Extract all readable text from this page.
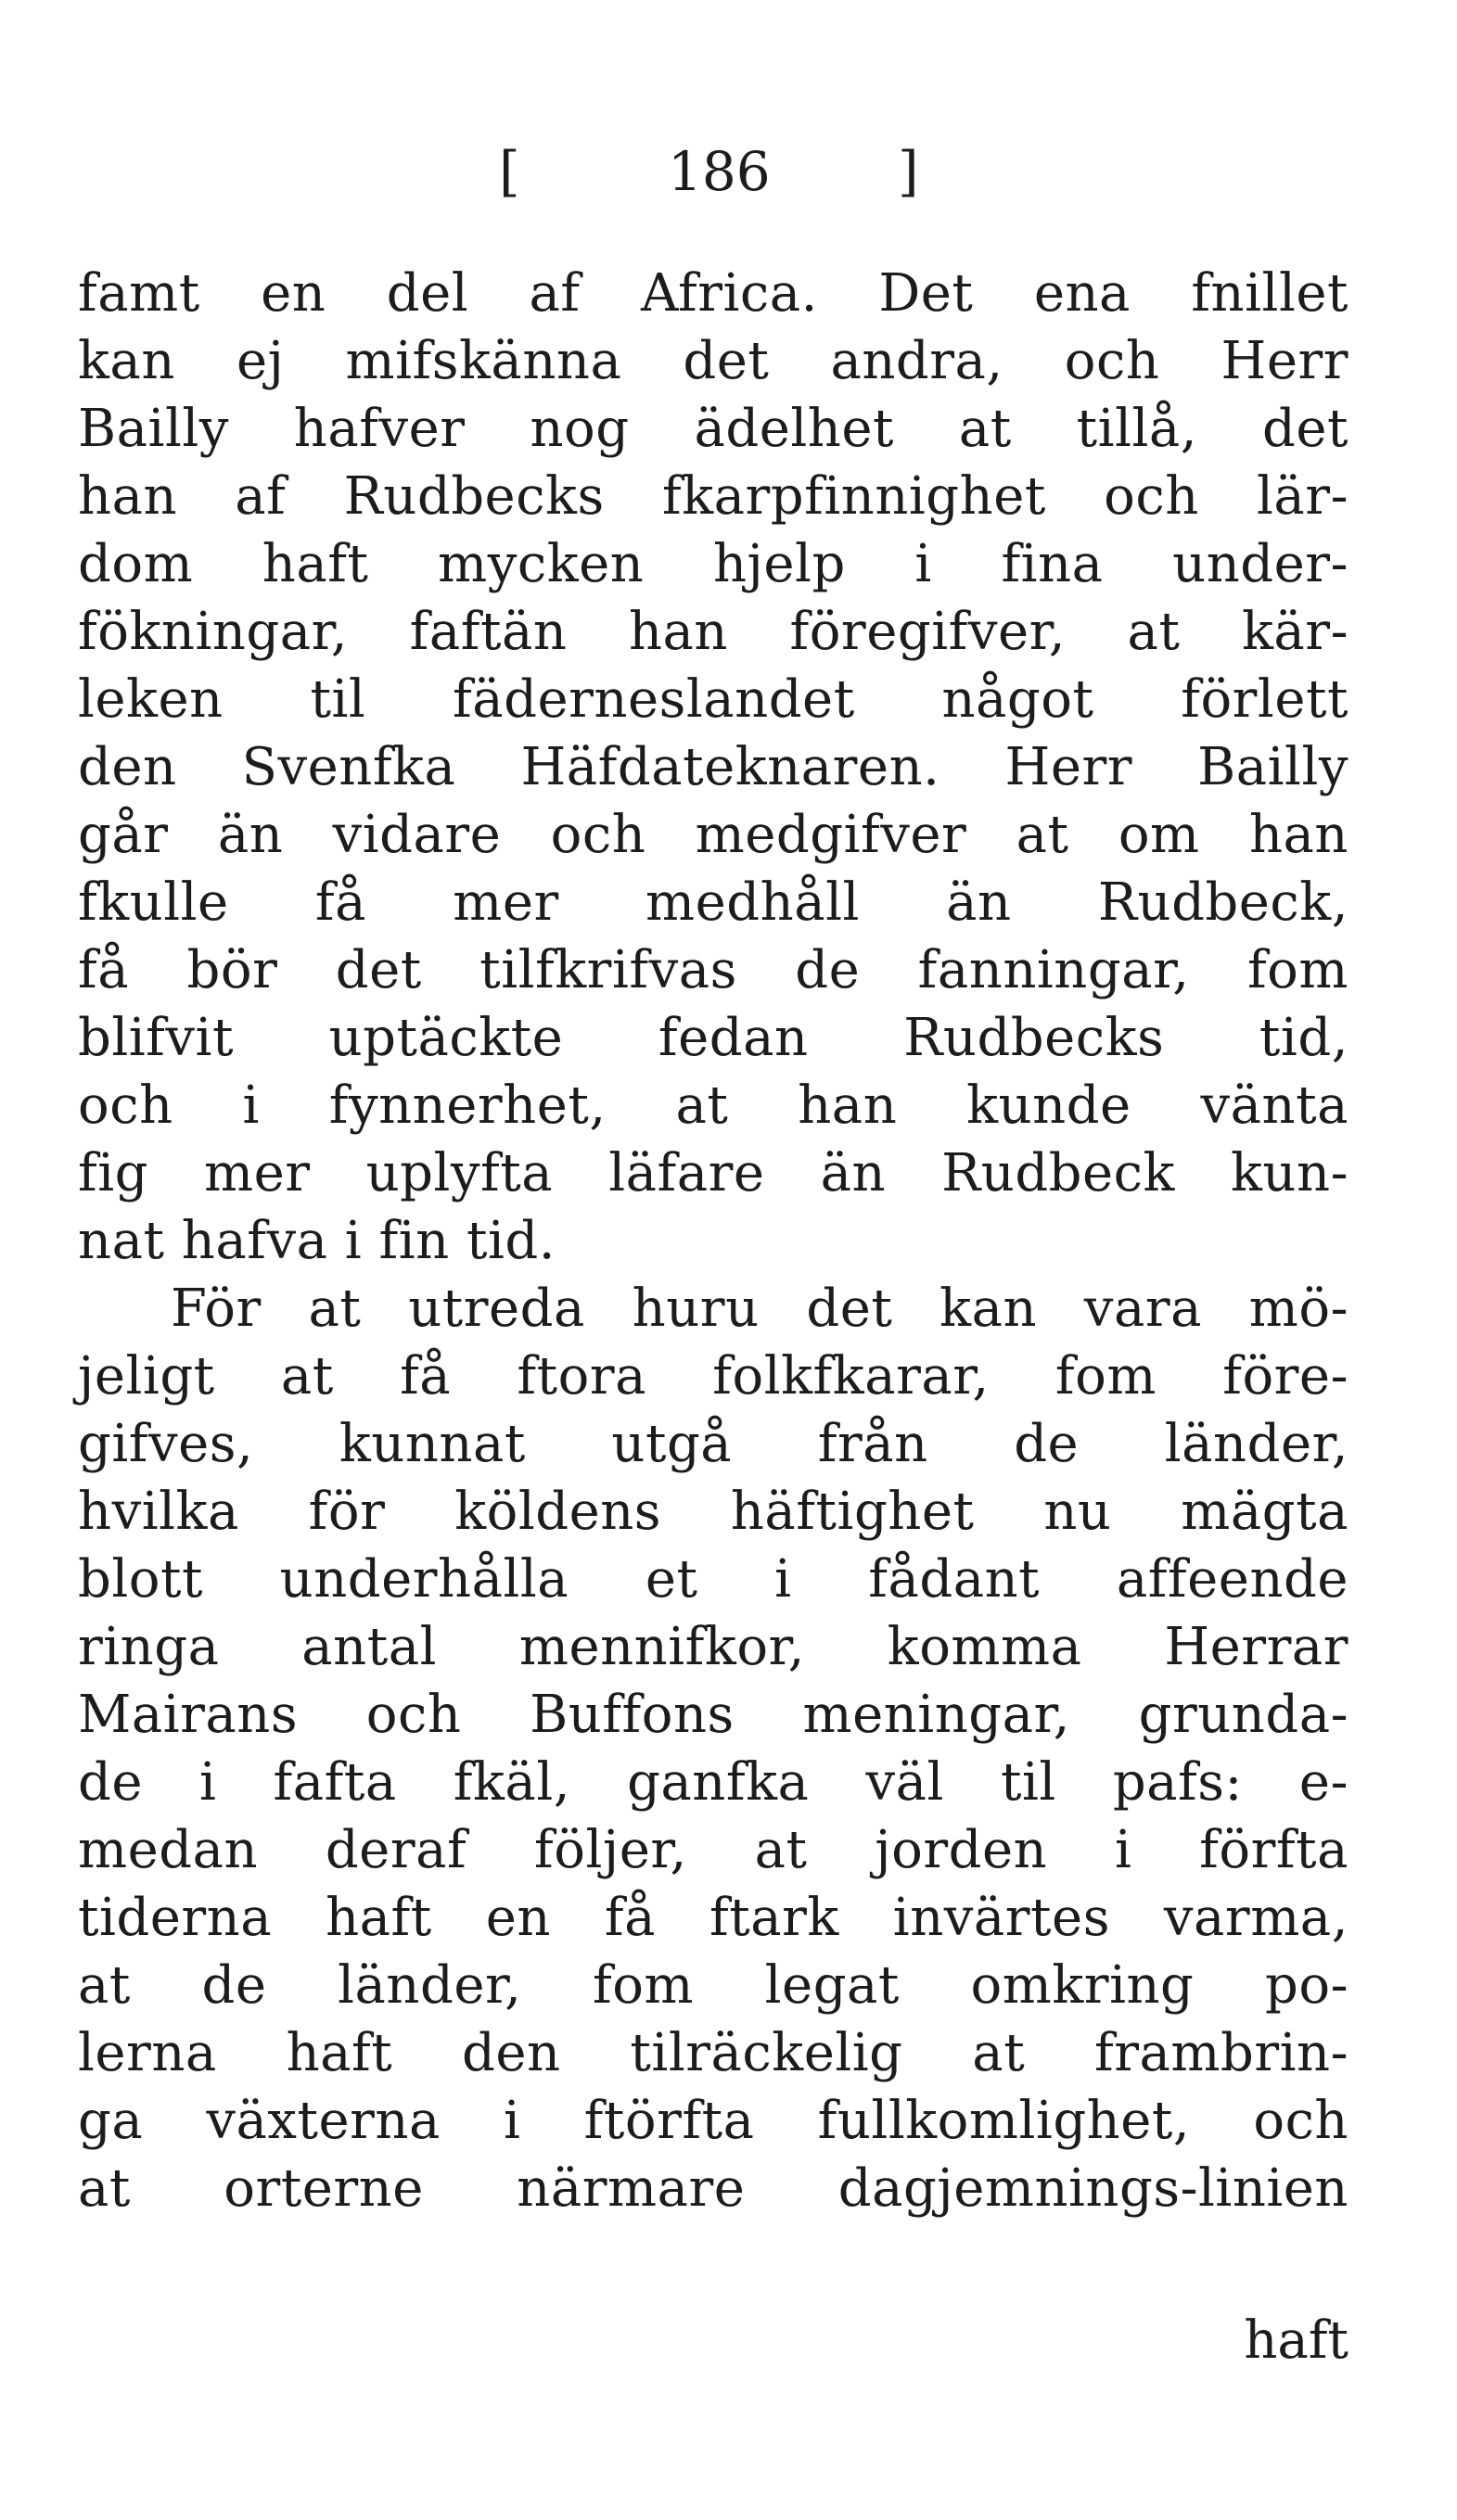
[	186 ]
famt en del af Africa. Det ena fnillet
kan ej mifskänna det andra, och Herr
Bailly hafver nog ädelhet at tillå, det
han af Rudbecks fkarpfinnighet och lär-
dom haft mycken hjelp i fina under-
fökningar, faftän han föregifver, at kär-
leken til fäderneslandet något förlett
den Svenfka Häfdateknaren. Herr Bailly
går än vidare och medgifver at om han
fkulle få mer medhåll än Rudbeck,
få bör det tilfkrifvas de fanningar, fom
blifvit uptäckte fedan Rudbecks tid,
och i fynnerhet, at han kunde vänta
fig mer uplyfta läfare än Rudbeck kun-
nat hafva i fin tid.
För at utreda huru det kan vara mö-
jeligt at få ftora folkfkarar, fom före-
gifves, kunnat utgå från de länder,
hvilka för köldens häftighet nu mägta
blott underhålla et i fådant affeende
ringa antal mennifkor, komma Herrar
Mairans och Buffons meningar, grunda-
de i fafta fkäl, ganfka väl til pafs: e-
medan deraf följer, at jorden i förfta
tiderna haft en få ftark invärtes varma,
at de länder, fom legat omkring po-
lerna haft den tilräckelig at frambrin-
ga växterna i ftörfta fullkomlighet, och
at orterne närmare dagjemnings-linien
haft
